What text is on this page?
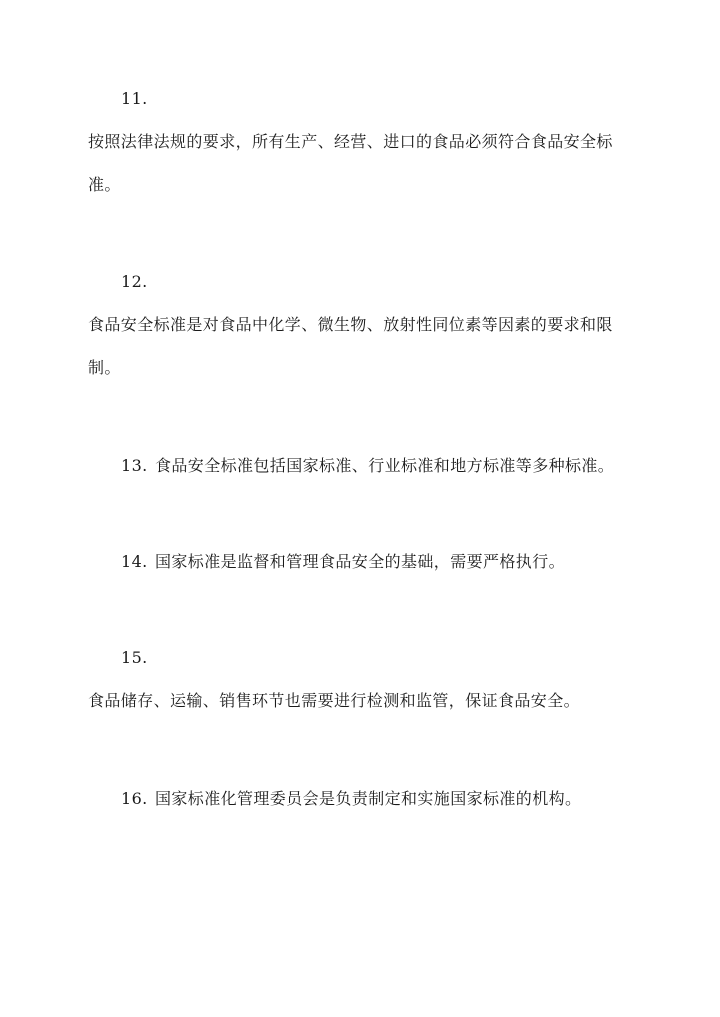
11.
按照法律法规的要求，所有生产、经营、进口的食品必须符合食品安全标
准。
12.
食品安全标准是对食品中化学、微生物、放射性同位素等因素的要求和限
制。
13. 食品安全标准包括国家标准、行业标准和地方标准等多种标准。
14. 国家标准是监督和管理食品安全的基础，需要严格执行。
15.
食品储存、运输、销售环节也需要进行检测和监管，保证食品安全。
16. 国家标准化管理委员会是负责制定和实施国家标准的机构。
